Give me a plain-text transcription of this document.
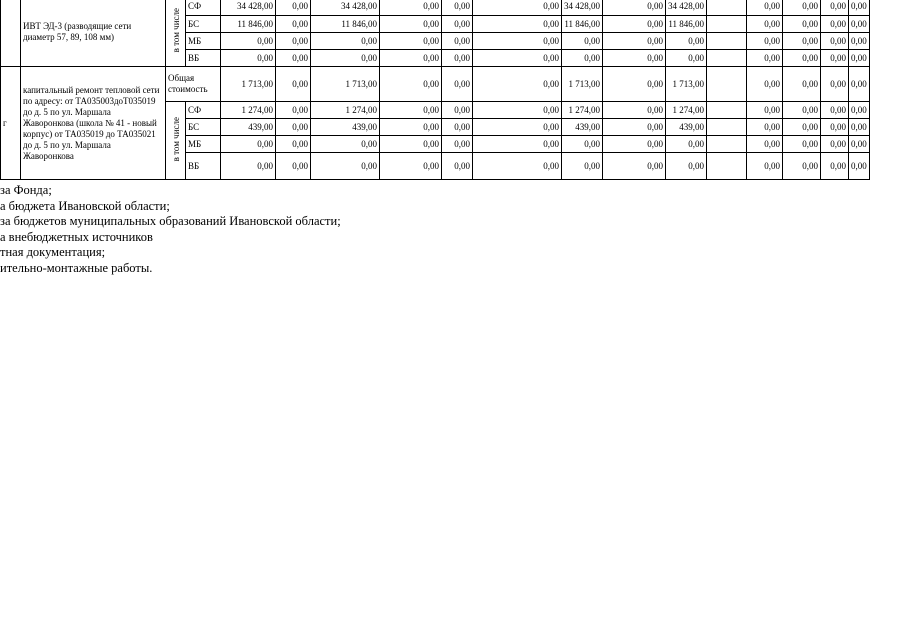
	ИВТ ЭД-3 (разводящие сети диаметр 57, 89, 108 мм)	в том числе	СФ	34 428,00	0,00	34 428,00	0,00	0,00	0,00	34 428,00	0,00	34 428,00		0,00	0,00	0,00	0,00
			БС	11 846,00	0,00	11 846,00	0,00	0,00	0,00	11 846,00	0,00	11 846,00		0,00	0,00	0,00	0,00
			МБ	0,00	0,00	0,00	0,00	0,00	0,00	0,00	0,00	0,00		0,00	0,00	0,00	0,00
			ВБ	0,00	0,00	0,00	0,00	0,00	0,00	0,00	0,00	0,00		0,00	0,00	0,00	0,00
г	капитальный ремонт тепловой сети по адресу: от ТА035003доТ035019 до д. 5 по ул. Маршала Жаворонкова (школа № 41 - новый корпус) от ТА035019 до ТА035021 до д. 5 по ул. Маршала Жаворонкова	Общая стоимость		1 713,00	0,00	1 713,00	0,00	0,00	0,00	1 713,00	0,00	1 713,00		0,00	0,00	0,00	0,00
		в том числе	СФ	1 274,00	0,00	1 274,00	0,00	0,00	0,00	1 274,00	0,00	1 274,00		0,00	0,00	0,00	0,00
			БС	439,00	0,00	439,00	0,00	0,00	0,00	439,00	0,00	439,00		0,00	0,00	0,00	0,00
			МБ	0,00	0,00	0,00	0,00	0,00	0,00	0,00	0,00	0,00		0,00	0,00	0,00	0,00
			ВБ	0,00	0,00	0,00	0,00	0,00	0,00	0,00	0,00	0,00		0,00	0,00	0,00	0,00
за Фонда;
а бюджета Ивановской области;
за бюджетов муниципальных образований Ивановской области;
а внебюджетных источников
тная документация;
ительно-монтажные работы.
